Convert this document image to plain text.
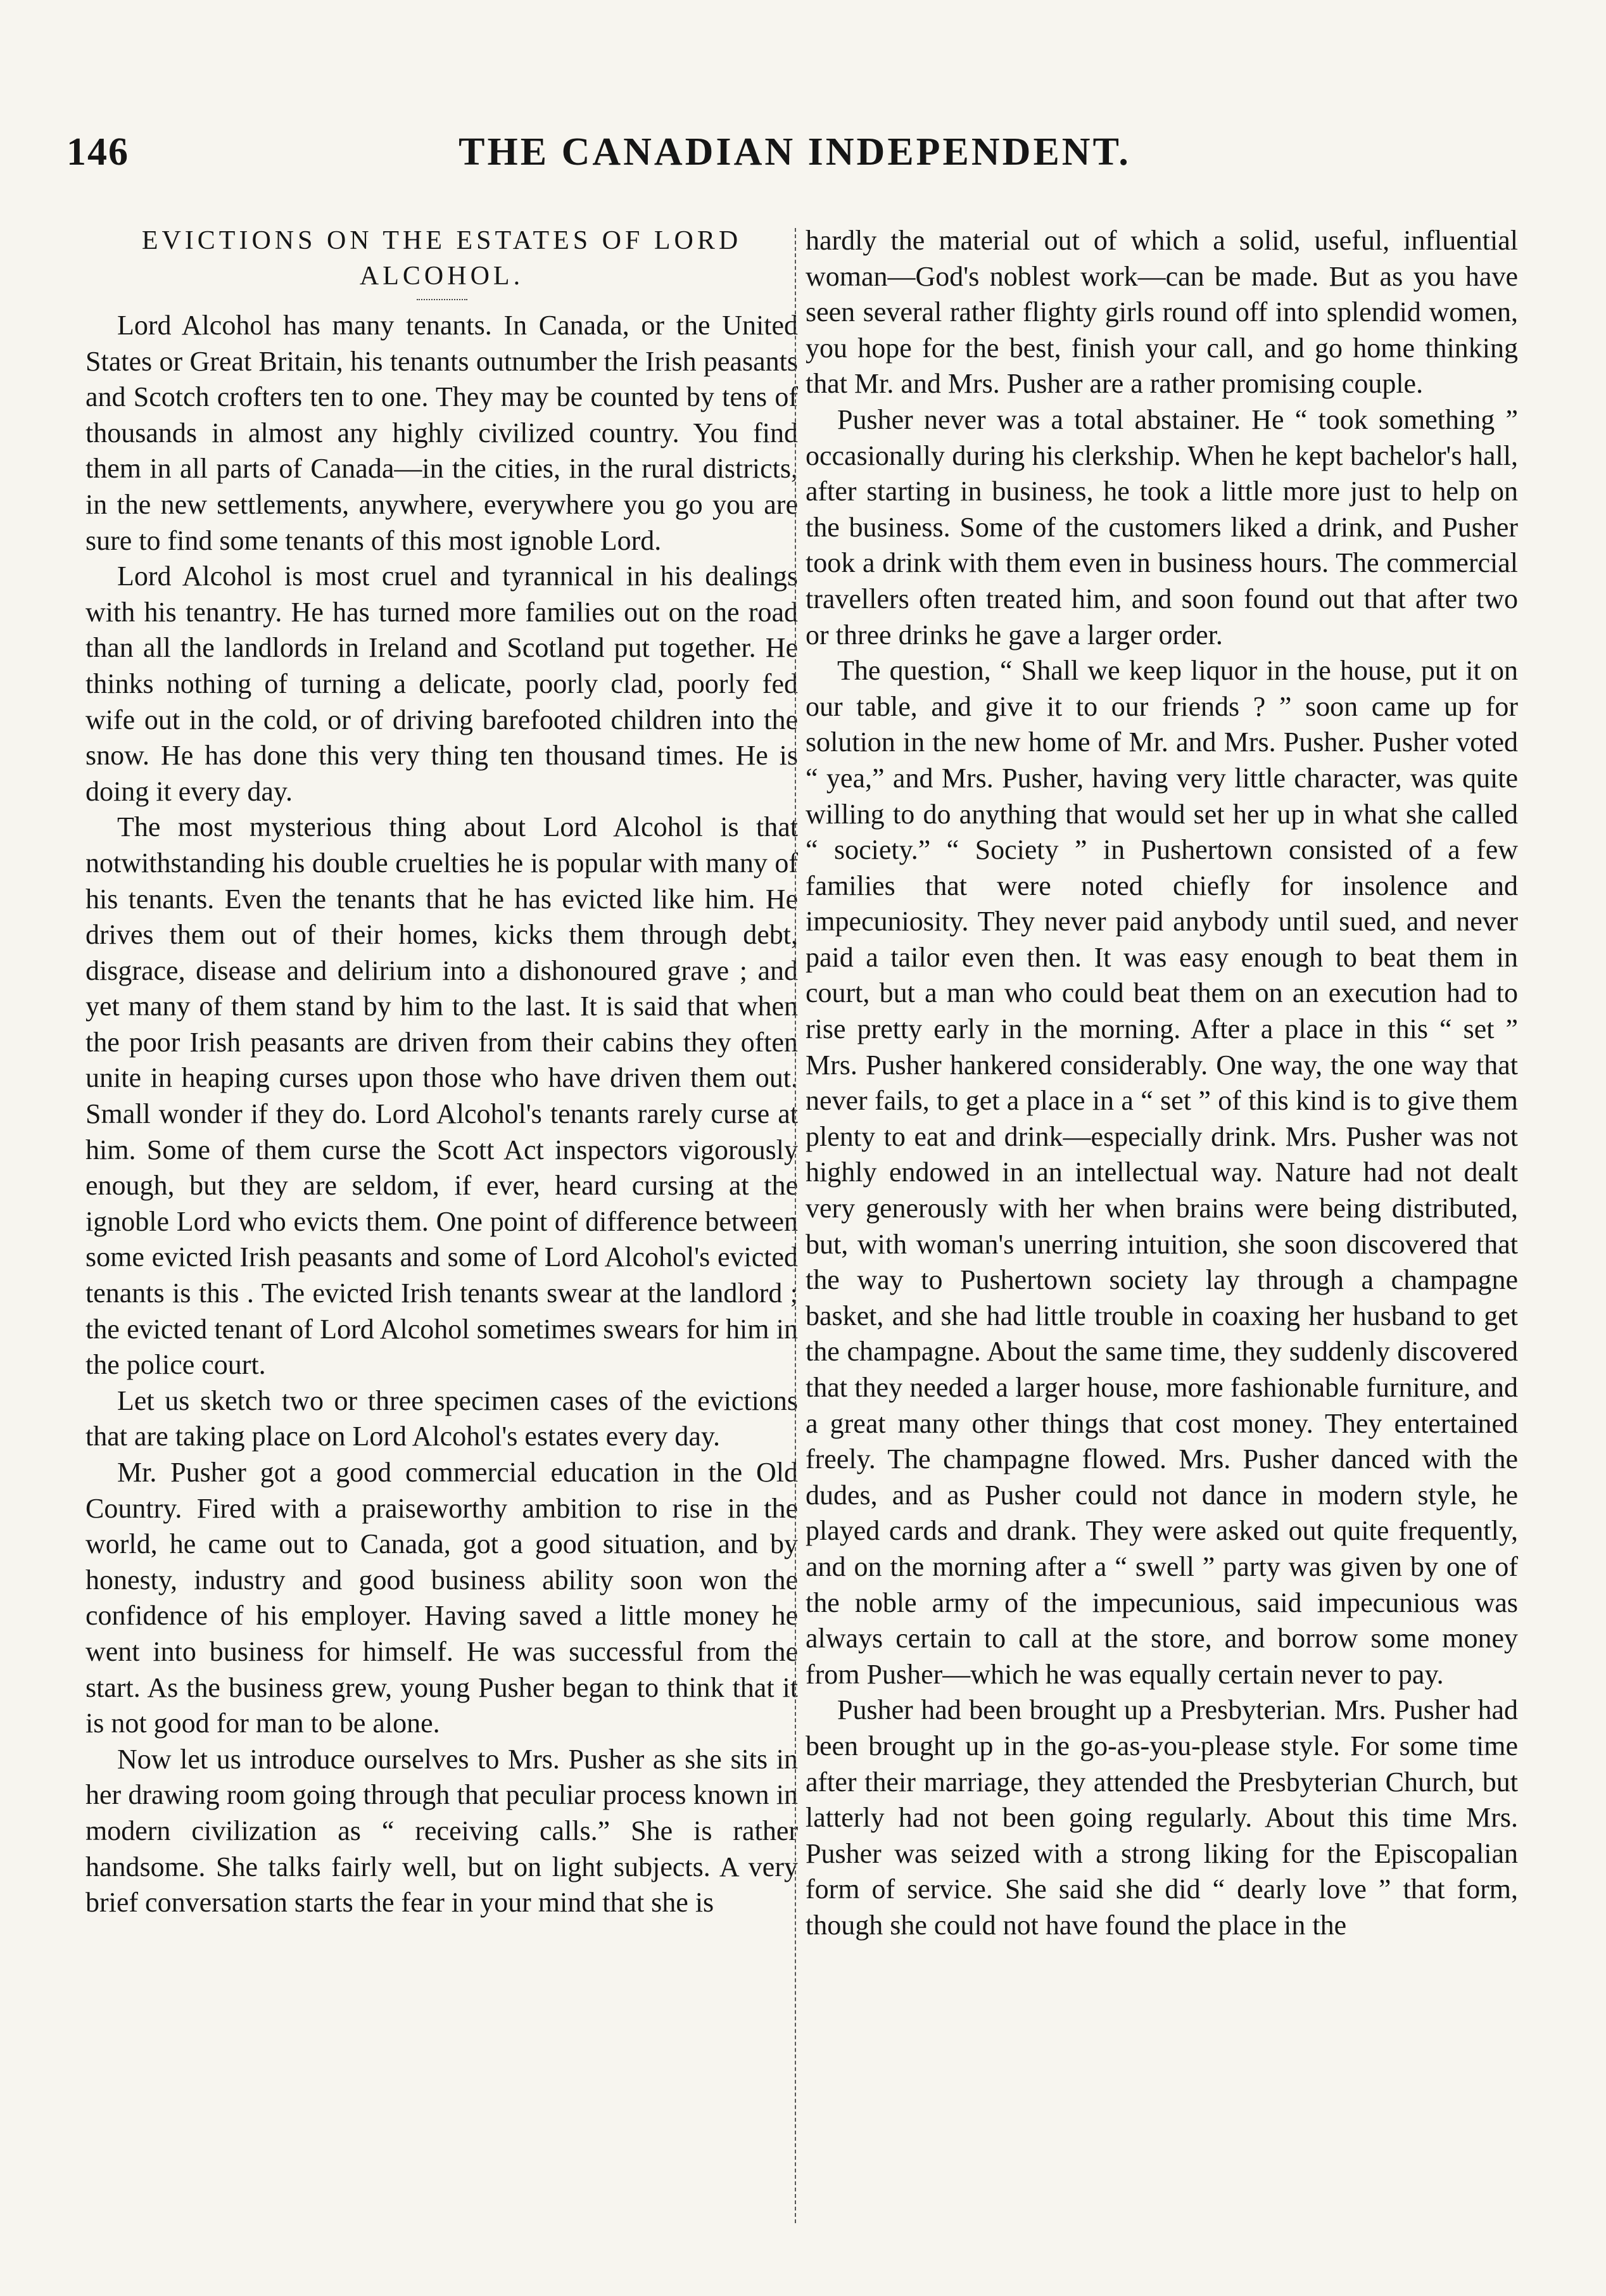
146	THE CANADIAN INDEPENDENT.
EVICTIONS ON THE ESTATES OF LORD ALCOHOL.

Lord Alcohol has many tenants. In Canada, or the United States or Great Britain, his tenants outnumber the Irish peasants and Scotch crofters ten to one. They may be counted by tens of thousands in almost any highly civilized country. You find them in all parts of Canada—in the cities, in the rural districts, in the new settlements, anywhere, everywhere you go you are sure to find some tenants of this most ignoble Lord.

Lord Alcohol is most cruel and tyrannical in his dealings with his tenantry. He has turned more families out on the road than all the landlords in Ireland and Scotland put together. He thinks nothing of turning a delicate, poorly clad, poorly fed wife out in the cold, or of driving barefooted children into the snow. He has done this very thing ten thousand times. He is doing it every day.

The most mysterious thing about Lord Alcohol is that notwithstanding his double cruelties he is popular with many of his tenants. Even the tenants that he has evicted like him. He drives them out of their homes, kicks them through debt, disgrace, disease and delirium into a dishonoured grave ; and yet many of them stand by him to the last. It is said that when the poor Irish peasants are driven from their cabins they often unite in heaping curses upon those who have driven them out. Small wonder if they do. Lord Alcohol's tenants rarely curse at him. Some of them curse the Scott Act inspectors vigorously enough, but they are seldom, if ever, heard cursing at the ignoble Lord who evicts them. One point of difference between some evicted Irish peasants and some of Lord Alcohol's evicted tenants is this . The evicted Irish tenants swear at the landlord ; the evicted tenant of Lord Alcohol sometimes swears for him in the police court.

Let us sketch two or three specimen cases of the evictions that are taking place on Lord Alcohol's estates every day.

Mr. Pusher got a good commercial education in the Old Country. Fired with a praiseworthy ambition to rise in the world, he came out to Canada, got a good situation, and by honesty, industry and good business ability soon won the confidence of his employer. Having saved a little money he went into business for himself. He was successful from the start. As the business grew, young Pusher began to think that it is not good for man to be alone.

Now let us introduce ourselves to Mrs. Pusher as she sits in her drawing room going through that peculiar process known in modern civilization as “ receiving calls.” She is rather handsome. She talks fairly well, but on light subjects. A very brief conversation starts the fear in your mind that she is

hardly the material out of which a solid, useful, influential woman—God's noblest work—can be made. But as you have seen several rather flighty girls round off into splendid women, you hope for the best, finish your call, and go home thinking that Mr. and Mrs. Pusher are a rather promising couple.

Pusher never was a total abstainer. He “ took something ” occasionally during his clerkship. When he kept bachelor's hall, after starting in business, he took a little more just to help on the business. Some of the customers liked a drink, and Pusher took a drink with them even in business hours. The commercial travellers often treated him, and soon found out that after two or three drinks he gave a larger order.

The question, “ Shall we keep liquor in the house, put it on our table, and give it to our friends ? ” soon came up for solution in the new home of Mr. and Mrs. Pusher. Pusher voted “ yea,” and Mrs. Pusher, having very little character, was quite willing to do anything that would set her up in what she called “ society.” “ Society ” in Pushertown consisted of a few families that were noted chiefly for insolence and impecuniosity. They never paid anybody until sued, and never paid a tailor even then. It was easy enough to beat them in court, but a man who could beat them on an execution had to rise pretty early in the morning. After a place in this “ set ” Mrs. Pusher hankered considerably. One way, the one way that never fails, to get a place in a “ set ” of this kind is to give them plenty to eat and drink—especially drink. Mrs. Pusher was not highly endowed in an intellectual way. Nature had not dealt very generously with her when brains were being distributed, but, with woman's unerring intuition, she soon discovered that the way to Pushertown society lay through a champagne basket, and she had little trouble in coaxing her husband to get the champagne. About the same time, they suddenly discovered that they needed a larger house, more fashionable furniture, and a great many other things that cost money. They entertained freely. The champagne flowed. Mrs. Pusher danced with the dudes, and as Pusher could not dance in modern style, he played cards and drank. They were asked out quite frequently, and on the morning after a “ swell ” party was given by one of the noble army of the impecunious, said impecunious was always certain to call at the store, and borrow some money from Pusher—which he was equally certain never to pay.

Pusher had been brought up a Presbyterian. Mrs. Pusher had been brought up in the go-as-you-please style. For some time after their marriage, they attended the Presbyterian Church, but latterly had not been going regularly. About this time Mrs. Pusher was seized with a strong liking for the Episcopalian form of service. She said she did “ dearly love ” that form, though she could not have found the place in the
